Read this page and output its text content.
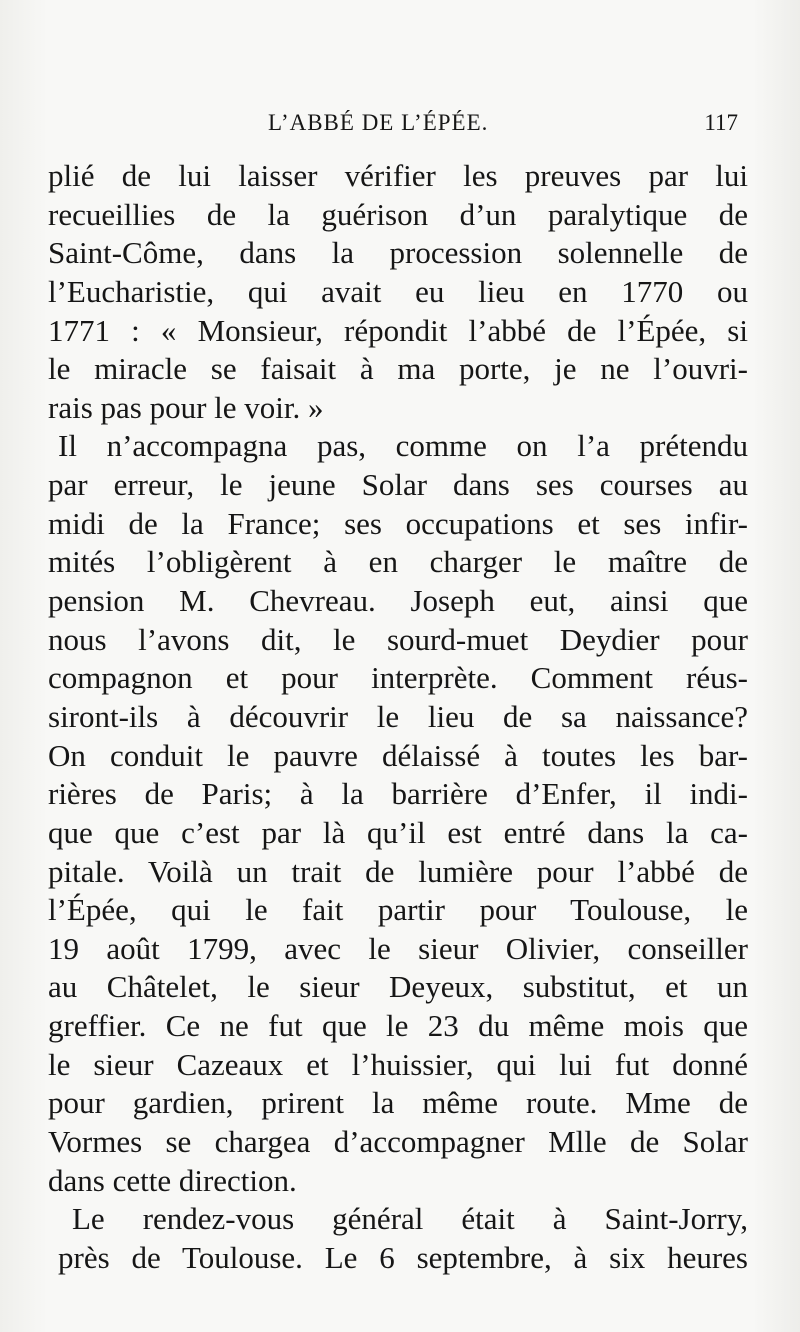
L’ABBÉ DE L’ÉPÉE.	117
plié de lui laisser vérifier les preuves par lui
recueillies de la guérison d’un paralytique de
Saint-Côme, dans la procession solennelle de
l’Eucharistie, qui avait eu lieu en 1770 ou
1771 : « Monsieur, répondit l’abbé de l’Épée, si
le miracle se faisait à ma porte, je ne l’ouvri-
rais pas pour le voir. »
Il n’accompagna pas, comme on l’a prétendu
par erreur, le jeune Solar dans ses courses au
midi de la France; ses occupations et ses infir-
mités l’obligèrent à en charger le maître de
pension M. Chevreau. Joseph eut, ainsi que
nous l’avons dit, le sourd-muet Deydier pour
compagnon et pour interprète. Comment réus-
siront-ils à découvrir le lieu de sa naissance?
On conduit le pauvre délaissé à toutes les bar-
rières de Paris; à la barrière d’Enfer, il indi-
que que c’est par là qu’il est entré dans la ca-
pitale. Voilà un trait de lumière pour l’abbé de
l’Épée, qui le fait partir pour Toulouse, le
19 août 1799, avec le sieur Olivier, conseiller
au Châtelet, le sieur Deyeux, substitut, et un
greffier. Ce ne fut que le 23 du même mois que
le sieur Cazeaux et l’huissier, qui lui fut donné
pour gardien, prirent la même route. Mme de
Vormes se chargea d’accompagner Mlle de Solar
dans cette direction.
Le rendez-vous général était à Saint-Jorry,
près de Toulouse. Le 6 septembre, à six heures
